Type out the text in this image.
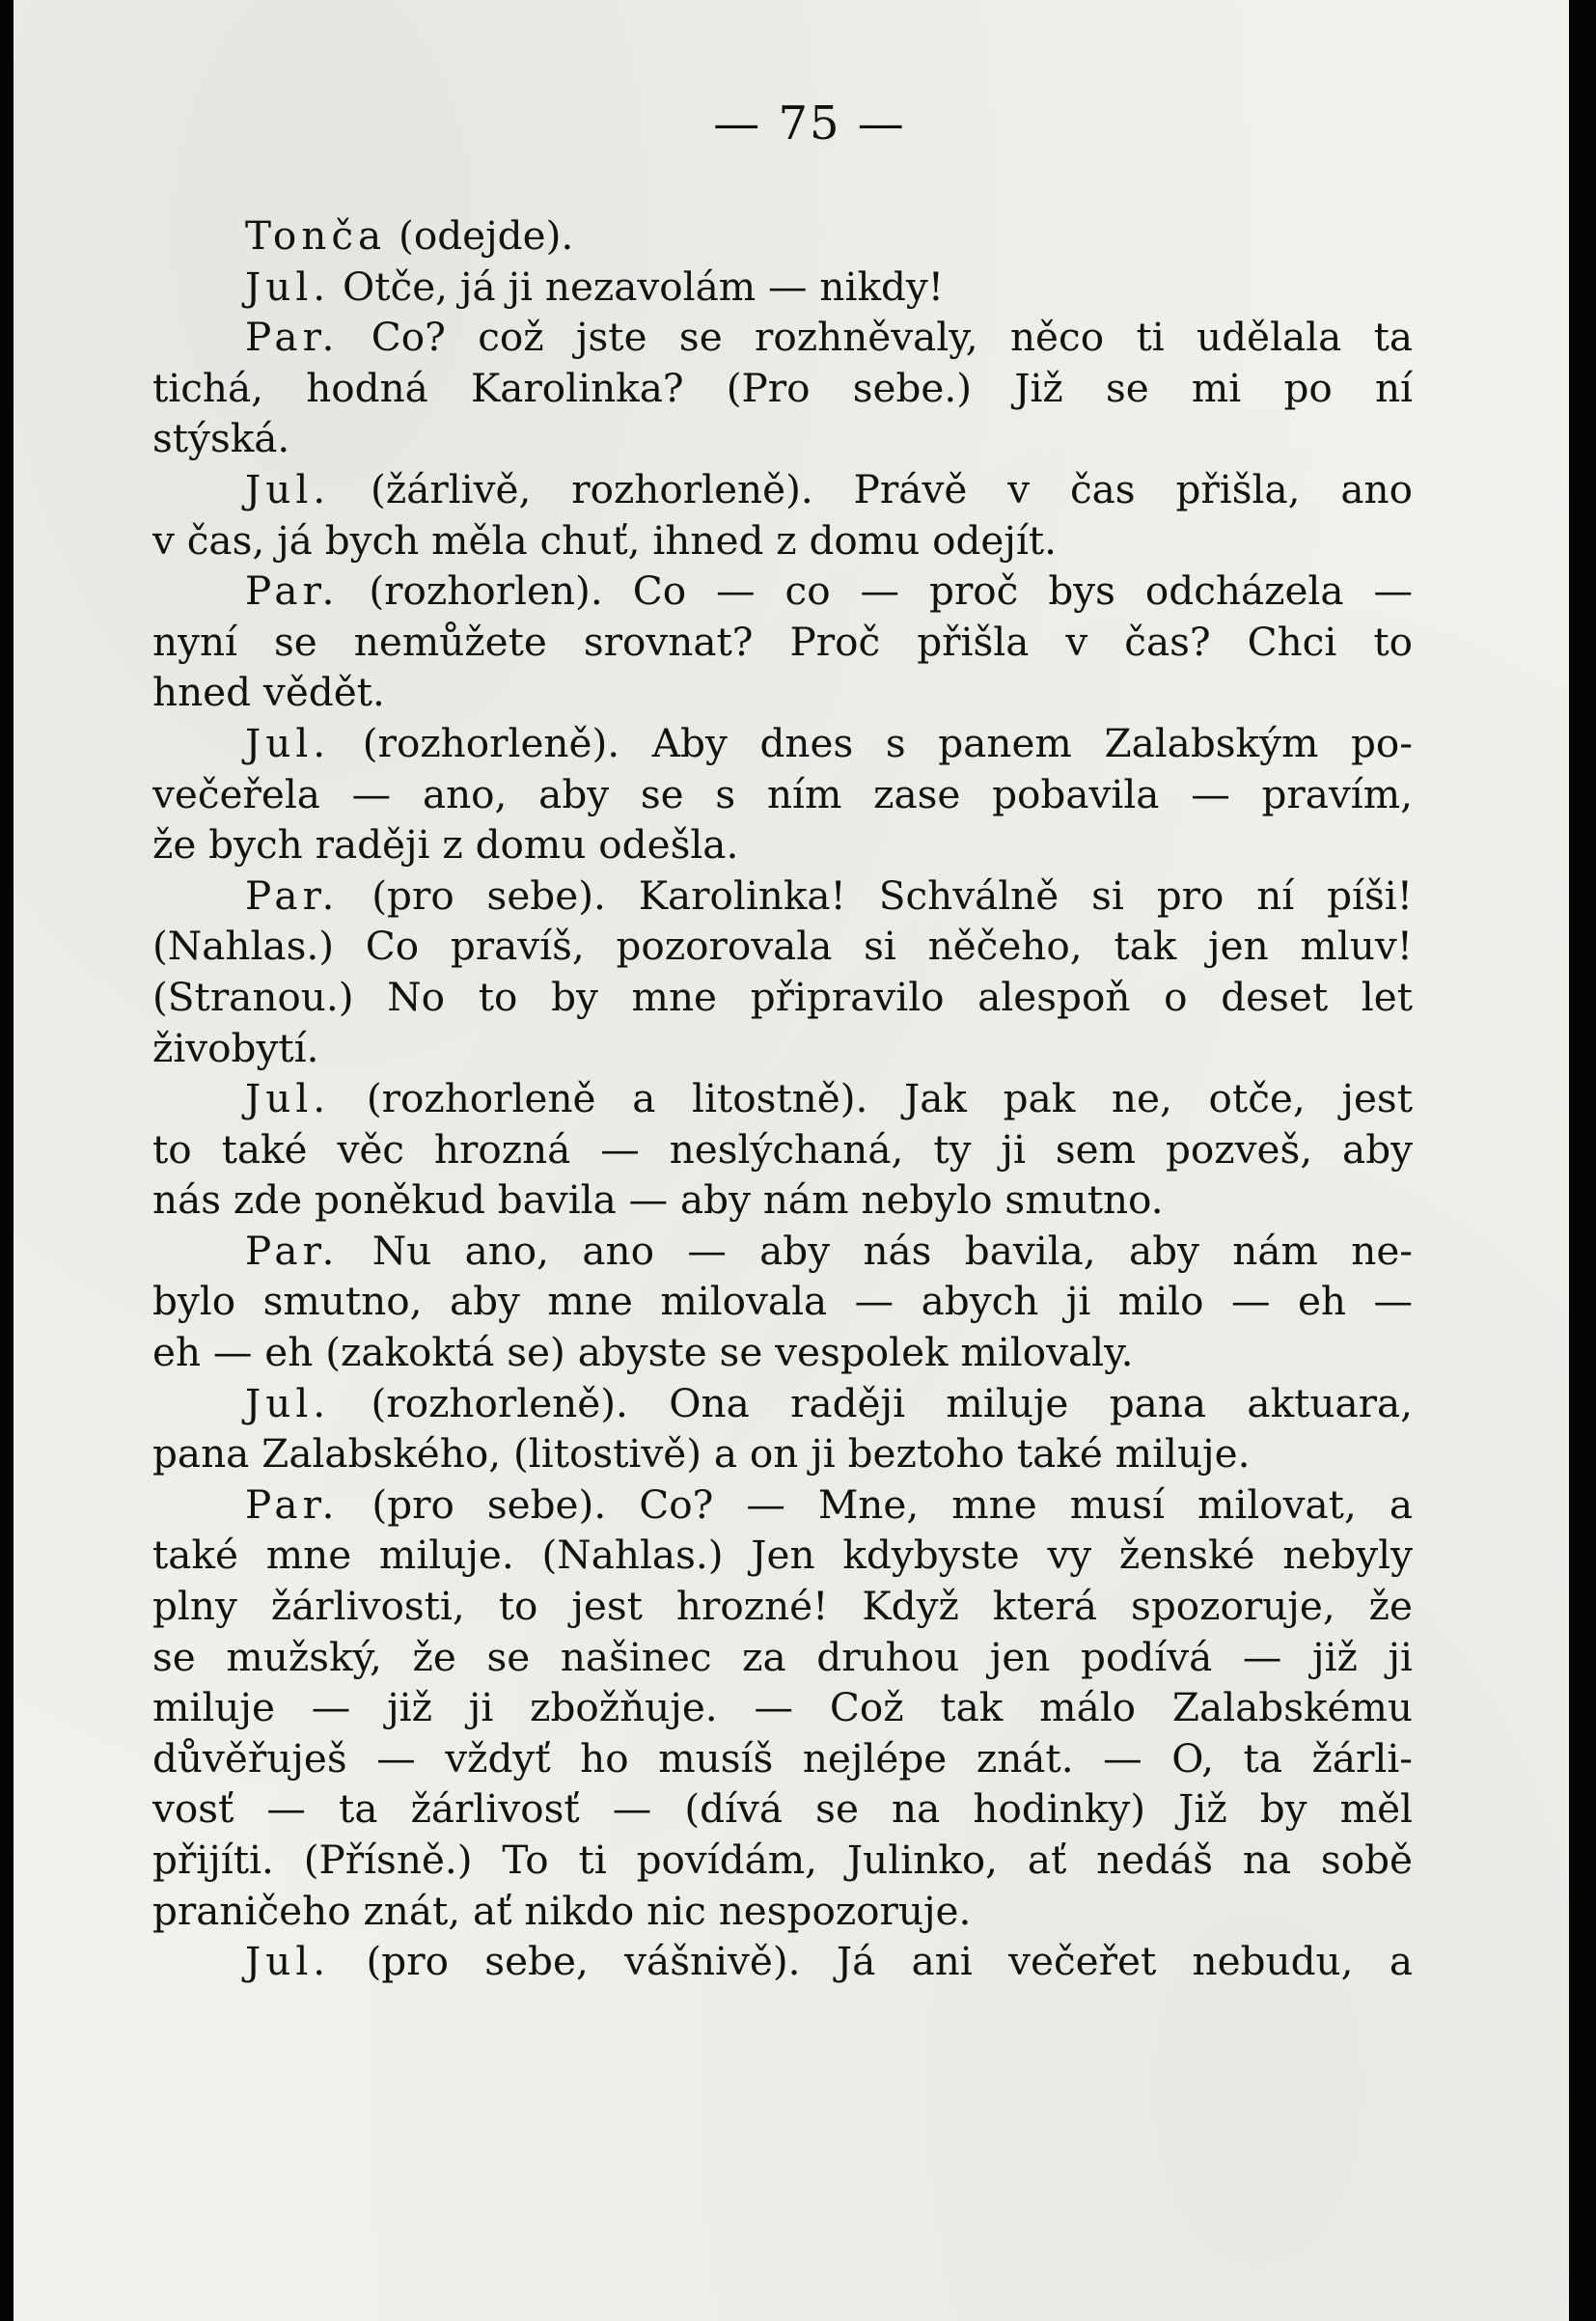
— 75 —
Tonča (odejde).
Jul. Otče, já ji nezavolám — nikdy!
Par. Co? což jste se rozhněvaly, něco ti udělala ta
tichá, hodná Karolinka? (Pro sebe.) Již se mi po ní
stýská.
Jul. (žárlivě, rozhorleně). Právě v čas přišla, ano
v čas, já bych měla chuť, ihned z domu odejít.
Par. (rozhorlen). Co — co — proč bys odcházela —
nyní se nemůžete srovnat? Proč přišla v čas? Chci to
hned vědět.
Jul. (rozhorleně). Aby dnes s panem Zalabským po-
večeřela — ano, aby se s ním zase pobavila — pravím,
že bych raději z domu odešla.
Par. (pro sebe). Karolinka! Schválně si pro ní píši!
(Nahlas.) Co pravíš, pozorovala si něčeho, tak jen mluv!
(Stranou.) No to by mne připravilo alespoň o deset let
živobytí.
Jul. (rozhorleně a litostně). Jak pak ne, otče, jest
to také věc hrozná — neslýchaná, ty ji sem pozveš, aby
nás zde poněkud bavila — aby nám nebylo smutno.
Par. Nu ano, ano — aby nás bavila, aby nám ne-
bylo smutno, aby mne milovala — abych ji milo — eh —
eh — eh (zakoktá se) abyste se vespolek milovaly.
Jul. (rozhorleně). Ona raději miluje pana aktuara,
pana Zalabského, (litostivě) a on ji beztoho také miluje.
Par. (pro sebe). Co? — Mne, mne musí milovat, a
také mne miluje. (Nahlas.) Jen kdybyste vy ženské nebyly
plny žárlivosti, to jest hrozné! Když která spozoruje, že
se mužský, že se našinec za druhou jen podívá — již ji
miluje — již ji zbožňuje. — Což tak málo Zalabskému
důvěřuješ — vždyť ho musíš nejlépe znát. — O, ta žárli-
vosť — ta žárlivosť — (dívá se na hodinky) Již by měl
přijíti. (Přísně.) To ti povídám, Julinko, ať nedáš na sobě
praničeho znát, ať nikdo nic nespozoruje.
Jul. (pro sebe, vášnivě). Já ani večeřet nebudu, a
